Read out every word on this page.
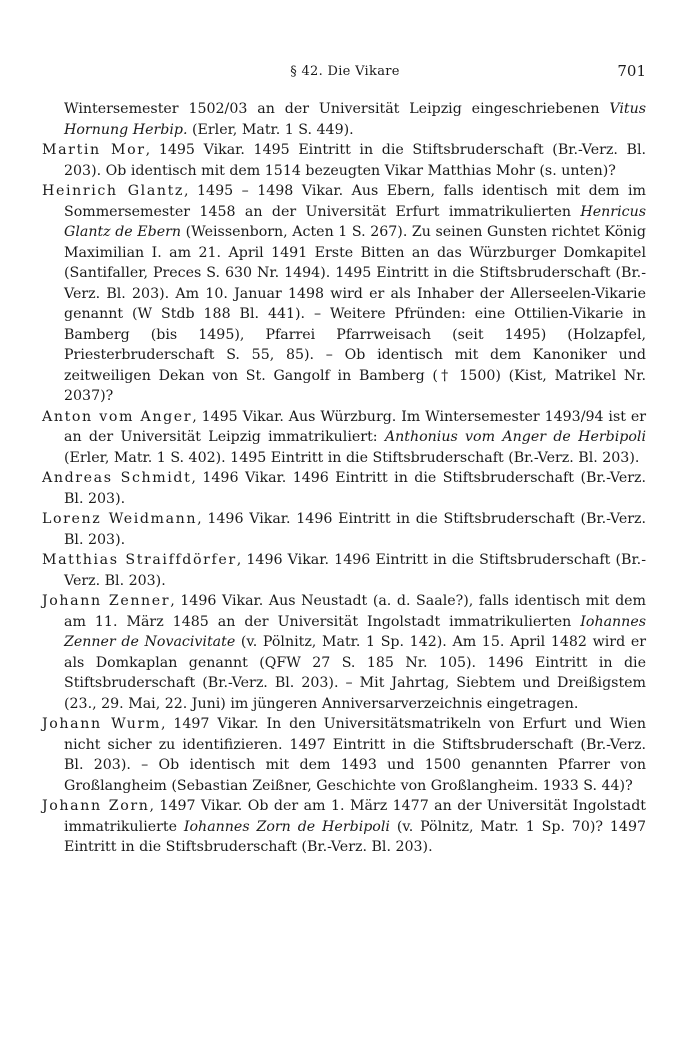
§ 42. Die Vikare	701

Wintersemester 1502/03 an der Universität Leipzig eingeschriebenen Vitus Hornung Herbip. (Erler, Matr. 1 S. 449).

Martin Mor, 1495 Vikar. 1495 Eintritt in die Stiftsbruderschaft (Br.-Verz. Bl. 203). Ob identisch mit dem 1514 bezeugten Vikar Matthias Mohr (s. unten)?

Heinrich Glantz, 1495 – 1498 Vikar. Aus Ebern, falls identisch mit dem im Sommersemester 1458 an der Universität Erfurt immatrikulierten Henricus Glantz de Ebern (Weissenborn, Acten 1 S. 267). Zu seinen Gunsten richtet König Maximilian I. am 21. April 1491 Erste Bitten an das Würzburger Domkapitel (Santifaller, Preces S. 630 Nr. 1494). 1495 Eintritt in die Stiftsbruderschaft (Br.-Verz. Bl. 203). Am 10. Januar 1498 wird er als Inhaber der Allerseelen-Vikarie genannt (W Stdb 188 Bl. 441). – Weitere Pfründen: eine Ottilien-Vikarie in Bamberg (bis 1495), Pfarrei Pfarrweisach (seit 1495) (Holzapfel, Priesterbruderschaft S. 55, 85). – Ob identisch mit dem Kanoniker und zeitweiligen Dekan von St. Gangolf in Bamberg († 1500) (Kist, Matrikel Nr. 2037)?

Anton vom Anger, 1495 Vikar. Aus Würzburg. Im Wintersemester 1493/94 ist er an der Universität Leipzig immatrikuliert: Anthonius vom Anger de Herbipoli (Erler, Matr. 1 S. 402). 1495 Eintritt in die Stiftsbruderschaft (Br.-Verz. Bl. 203).

Andreas Schmidt, 1496 Vikar. 1496 Eintritt in die Stiftsbruderschaft (Br.-Verz. Bl. 203).

Lorenz Weidmann, 1496 Vikar. 1496 Eintritt in die Stiftsbruderschaft (Br.-Verz. Bl. 203).

Matthias Straiffdörfer, 1496 Vikar. 1496 Eintritt in die Stiftsbruderschaft (Br.-Verz. Bl. 203).

Johann Zenner, 1496 Vikar. Aus Neustadt (a. d. Saale?), falls identisch mit dem am 11. März 1485 an der Universität Ingolstadt immatrikulierten Iohannes Zenner de Novacivitate (v. Pölnitz, Matr. 1 Sp. 142). Am 15. April 1482 wird er als Domkaplan genannt (QFW 27 S. 185 Nr. 105). 1496 Eintritt in die Stiftsbruderschaft (Br.-Verz. Bl. 203). – Mit Jahrtag, Siebtem und Dreißigstem (23., 29. Mai, 22. Juni) im jüngeren Anniversarverzeichnis eingetragen.

Johann Wurm, 1497 Vikar. In den Universitätsmatrikeln von Erfurt und Wien nicht sicher zu identifizieren. 1497 Eintritt in die Stiftsbruderschaft (Br.-Verz. Bl. 203). – Ob identisch mit dem 1493 und 1500 genannten Pfarrer von Großlangheim (Sebastian Zeißner, Geschichte von Großlangheim. 1933 S. 44)?

Johann Zorn, 1497 Vikar. Ob der am 1. März 1477 an der Universität Ingolstadt immatrikulierte Iohannes Zorn de Herbipoli (v. Pölnitz, Matr. 1 Sp. 70)? 1497 Eintritt in die Stiftsbruderschaft (Br.-Verz. Bl. 203).
